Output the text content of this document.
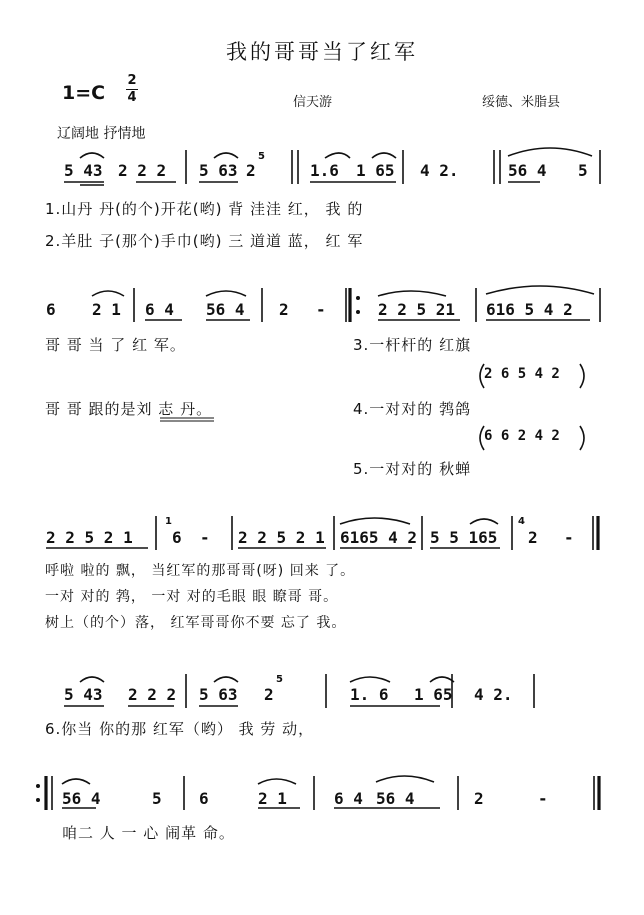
我的哥哥当了红军
1=C
2
4	信天游	绥德、米脂县
辽阔地 抒情地
5 43 2 2 2 5 63 2	1.6 1 65 4 2.	56 4 5
5
1.山丹 丹(的个)开花(哟) 背 洼洼 红， 我 的
2.羊肚 子(那个)手巾(哟) 三 道道 蓝， 红 军
6 2 1 6 4 56 4 2 -	2 2 5 21 616 5 4 2
哥 哥 当 了 红 军。	3.一杆杆的 红旗
2 6 5 4 2
哥 哥 跟的是刘 志 丹。	4.一对对的 鹁鸽
6 6 2 4 2
5.一对对的 秋蝉
2 2 5 2 1 6 - 2 2 5 2 1 6165 4 2 5 5 165 2 -
1	4
呼啦 啦的 飘， 当红军的那哥哥(呀) 回来 了。
一对 对的 鹁， 一对 对的毛眼 眼 瞭哥 哥。
树上（的个）落， 红军哥哥你不要 忘了 我。
5 43 2 2 2 5 63 2	1. 6 1 65 4 2.
5
6.你当 你的那 红军（哟） 我 劳 动，
56 4	5 6	2 1	6 4 56 4	2	-
咱二 人 一 心 闹革 命。
